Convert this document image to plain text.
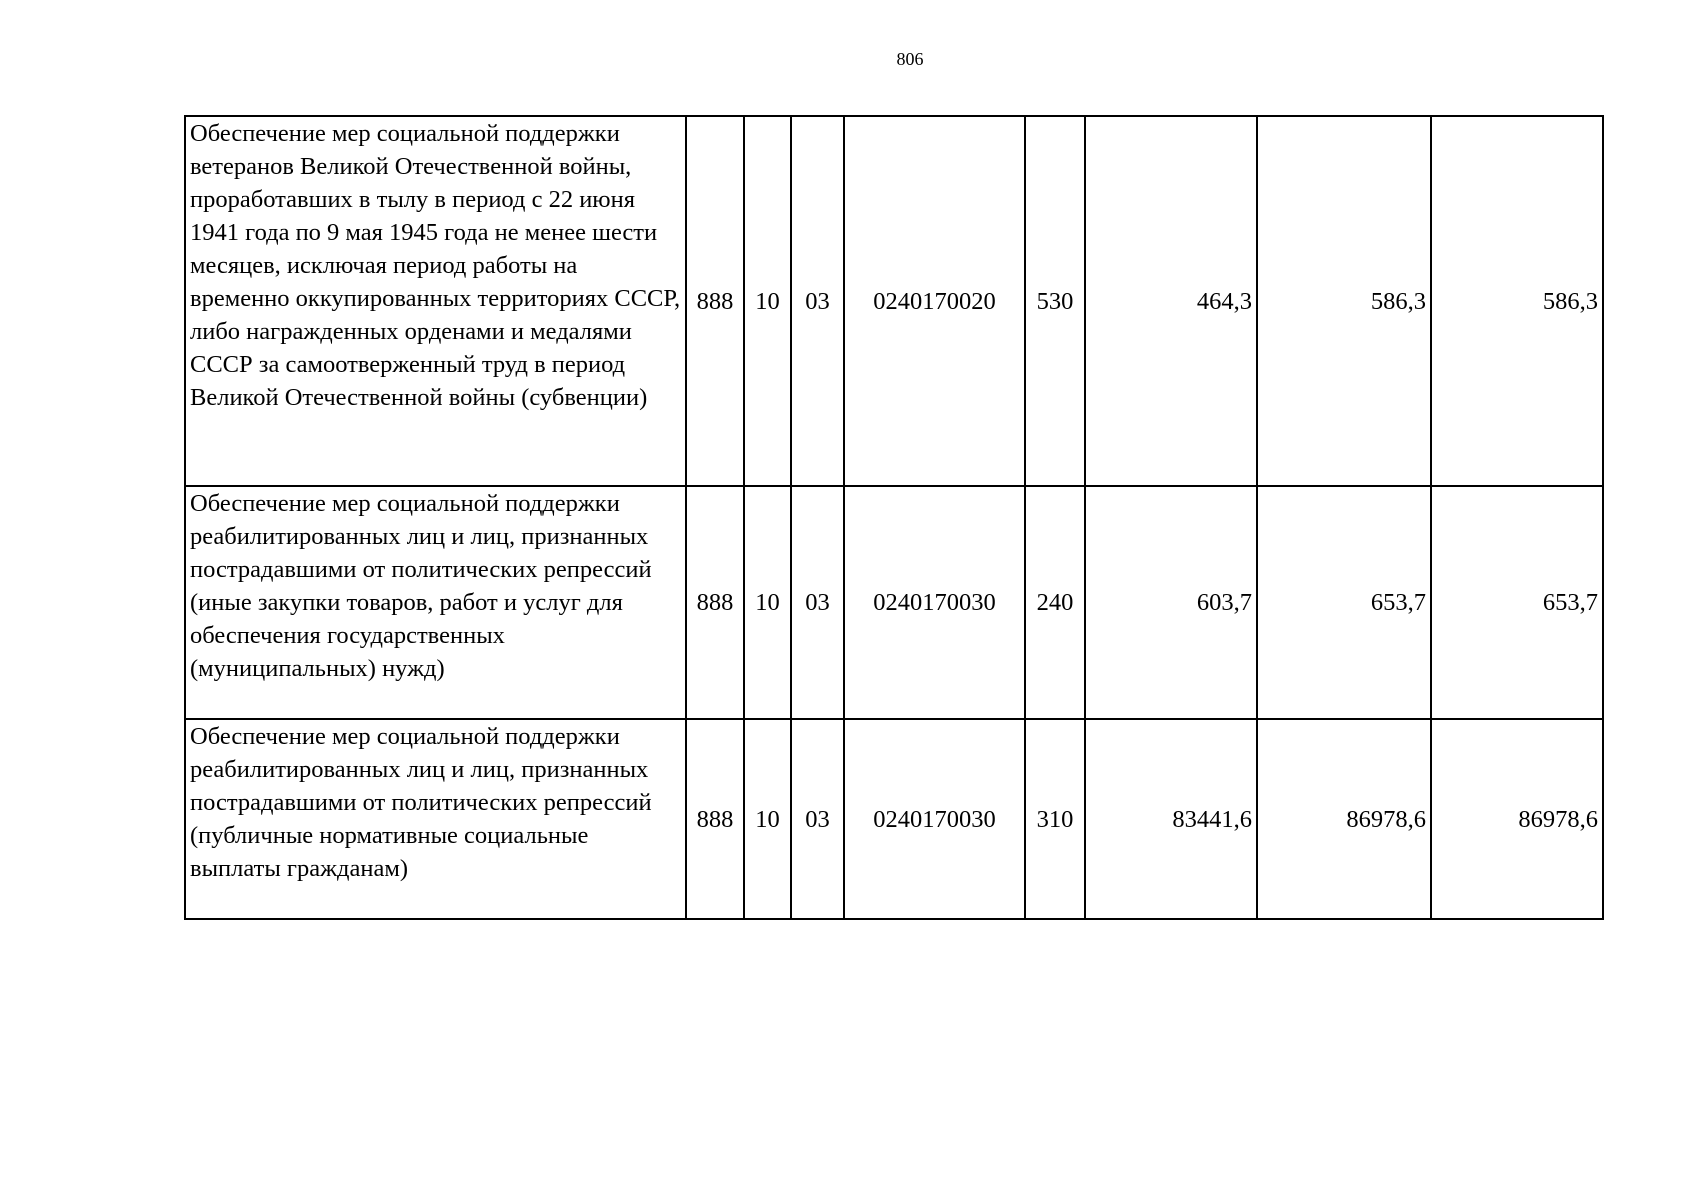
806
Обеспечение мер социальной поддержки ветеранов Великой Отечественной войны, проработавших в тылу в период с 22 июня 1941 года по 9 мая 1945 года не менее шести месяцев, исключая период работы на временно оккупированных территориях СССР, либо награжденных орденами и медалями СССР за самоотверженный труд в период Великой Отечественной войны (субвенции)	888	10	03	0240170020	530	464,3	586,3	586,3
Обеспечение мер социальной поддержки реабилитированных лиц и лиц, признанных пострадавшими от политических репрессий (иные закупки товаров, работ и услуг для обеспечения государственных (муниципальных) нужд)	888	10	03	0240170030	240	603,7	653,7	653,7
Обеспечение мер социальной поддержки реабилитированных лиц и лиц, признанных пострадавшими от политических репрессий (публичные нормативные социальные выплаты гражданам)	888	10	03	0240170030	310	83441,6	86978,6	86978,6
